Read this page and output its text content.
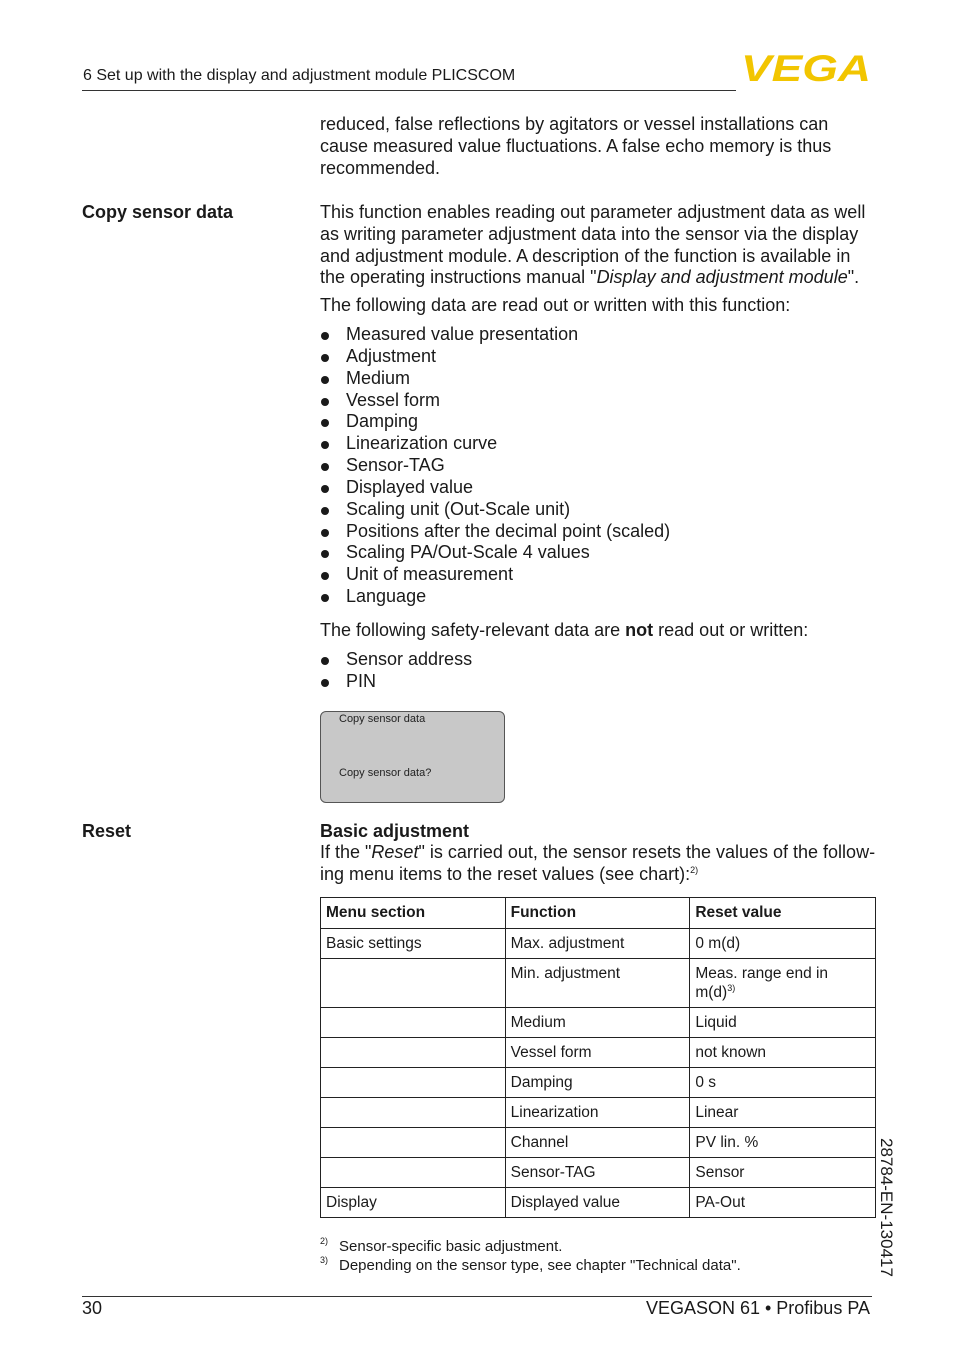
6 Set up with the display and adjustment module PLICSCOM	VEGA
reduced, false reflections by agitators or vessel installations can cause measured value fluctuations. A false echo memory is thus recommended.
Copy sensor data	This function enables reading out parameter adjustment data as well as writing parameter adjustment data into the sensor via the display and adjustment module. A description of the function is available in the operating instructions manual "Display and adjustment module".
The following data are read out or written with this function:
Measured value presentation
Adjustment
Medium
Vessel form
Damping
Linearization curve
Sensor-TAG
Displayed value
Scaling unit (Out-Scale unit)
Positions after the decimal point (scaled)
Scaling PA/Out-Scale 4 values
Unit of measurement
Language
The following safety-relevant data are not read out or written:
Sensor address
PIN
Copy sensor data
Copy sensor data?
Reset	Basic adjustment
If the "Reset" is carried out, the sensor resets the values of the follow-ing menu items to the reset values (see chart):$^{2)}$
Menu section	Function	Reset value
Basic settings	Max. adjustment	0 m(d)
	Min. adjustment	Meas. range end in $m(d)^{3)}$
	Medium	Liquid
	Vessel form	not known
	Damping	0 s
	Linearization	Linear
	Channel	PV lin. %
	Sensor-TAG	Sensor
Display	Displayed value	PA-Out
2) Sensor-specific basic adjustment.
3) Depending on the sensor type, see chapter "Technical data".	28784-EN-130417
30	VEGASON 61 • Profibus PA
